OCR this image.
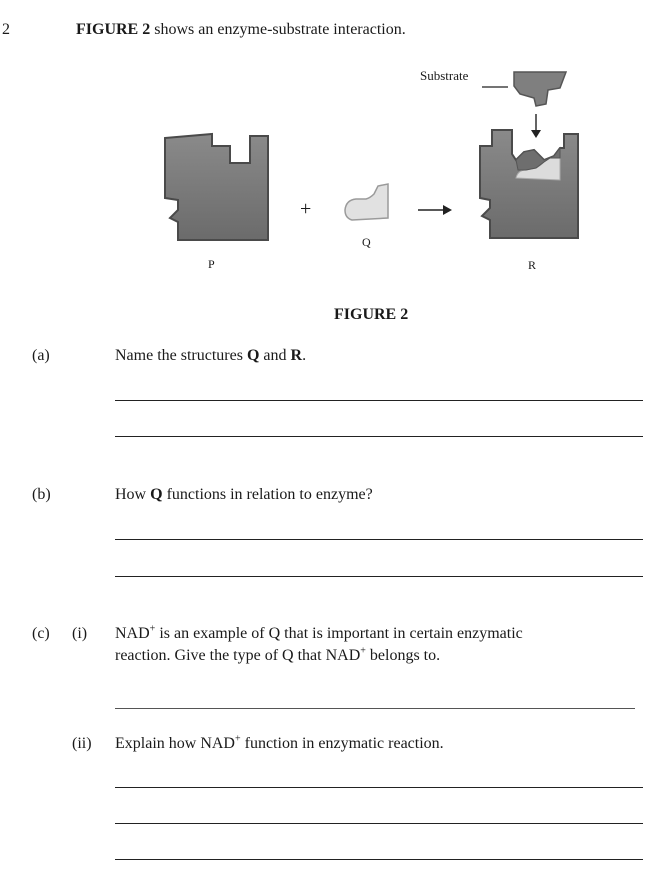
2	FIGURE 2 shows an enzyme-substrate interaction.
Substrate
+
P
Q
R
FIGURE 2
(a)	Name the structures Q and R.
(b)	How Q functions in relation to enzyme?
(c) (i) NAD+ is an example of Q that is important in certain enzymatic
reaction. Give the type of Q that NAD+ belongs to.
(ii) Explain how NAD+ function in enzymatic reaction.
